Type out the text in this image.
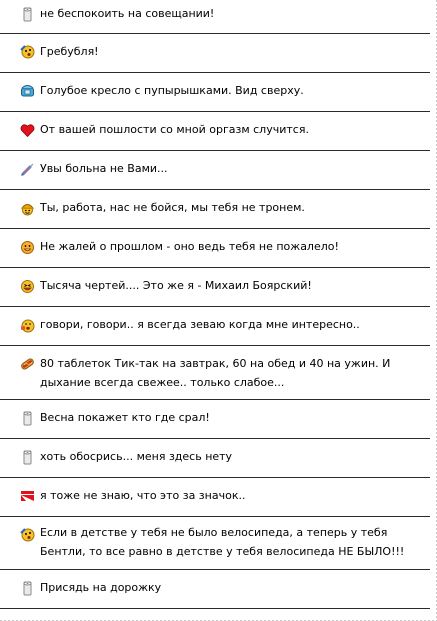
не беспокоить на совещании!
Гребубля!
Голубое кресло с пупырышками. Вид сверху.
От вашей пошлости со мной оргазм случится.
Увы больна не Вами...
Ты, работа, нас не бойся, мы тебя не тронем.
Не жалей о прошлом - оно ведь тебя не пожалело!
Тысяча чертей.... Это же я - Михаил Боярский!
говори, говори.. я всегда зеваю когда мне интересно..
80 таблеток Тик-так на завтрак, 60 на обед и 40 на ужин. И дыхание всегда свежее.. только слабое...
Весна покажет кто где срал!
хоть обосрись... меня здесь нету
я тоже не знаю, что это за значок..
Если в детстве у тебя не было велосипеда, а теперь у тебя Бентли, то все равно в детстве у тебя велосипеда НЕ БЫЛО!!!
Присядь на дорожку
